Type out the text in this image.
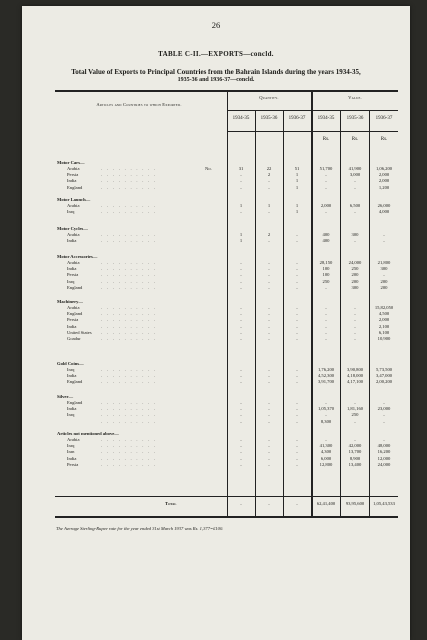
26
TABLE C-II.—EXPORTS—concld.
Total Value of Exports to Principal Countries from the Bahrain Islands during the years 1934-35,
1935-36 and 1936-37—concld.
Articles and Countries to which Exported.
Quantity.	Value.
1934-35	1935-36	1936-37	1934-35	1935-36	1936-37
Rs.	Rs.	Rs.
Motor Cars—
Arabia	. . . . . . . . . .	No.	31	22	51	51,700	41,900	1,06,200
Persia	. . . . . . . . . .	..	2	1	..	3,000	2,000
India	. . . . . . . . . .	..	..	1	..	..	2,000
England	. . . . . . . . . .	..	..	1	..	..	1,200
Motor Launch—
Arabia	. . . . . . . . . .	1	1	1	2,000	6,500	26,000
Iraq	. . . . . . . . . .	..	..	1	..	..	4,000
Motor Cycles—
Arabia	. . . . . . . . . .	1	2	..	400	300	..
India	. . . . . . . . . .	1	..	..	400	..	..
Motor Accessories—
Arabia	. . . . . . . . . .	..	..	..	28,150	24,000	21,800
India	. . . . . . . . . .	..	..	..	100	250	300
Persia	. . . . . . . . . .	..	..	..	100	200	..
Iraq	. . . . . . . . . .	..	..	..	250	200	200
England	. . . . . . . . . .	..	..	..	..	300	200
Machinery—
Arabia	. . . . . . . . . .	..	..	..	..	..	15,82,050
England	. . . . . . . . . .	..	..	..	..	..	4,500
Persia	. . . . . . . . . .	..	..	..	..	..	2,000
India	. . . . . . . . . .	..	..	..	..	..	2,100
United States . . . . . . . . . .	..	..	..	..	..	6,100
Goadur	. . . . . . . . . .	..	..	..	..	..	10,900
Gold Coins—
Iraq	. . . . . . . . . .	..	..	..	1,76,200	3,90,800	5,73,500
India	. . . . . . . . . .	..	..	..	4,52,300	4,18,000	3,47,000
England	. . . . . . . . . .	..	..	..	3,91,700	4,17,100	2,00,200
Silver—
England	. . . . . . . . . .	..	..	..	..	..	..
India	. . . . . . . . . .	..	..	..	1,05,370	1,81,160	23,000
Iraq	. . . . . . . . . .	..	..	..	..	250	..
. . . . . . . . . .	..	..	..	8,300	..	..
Articles not mentioned above—
Arabia	. . . . . . . . . .	..	..	..	..	..	..
Iraq	. . . . . . . . . .	..	..	..	41,300	42,000	48,000
Iran	. . . . . . . . . .	..	..	..	4,300	13,700	16,200
India	. . . . . . . . . .	..	..	..	6,000	8,900	12,000
Persia	. . . . . . . . . .	..	..	..	12,800	13,400	24,000
Total	..	..	..	62,41,400	93,95,600	1,05,43,533
The Average Sterling-Rupee rate for the year ended 31st March 1937 was Rs. 1,377=£100.
